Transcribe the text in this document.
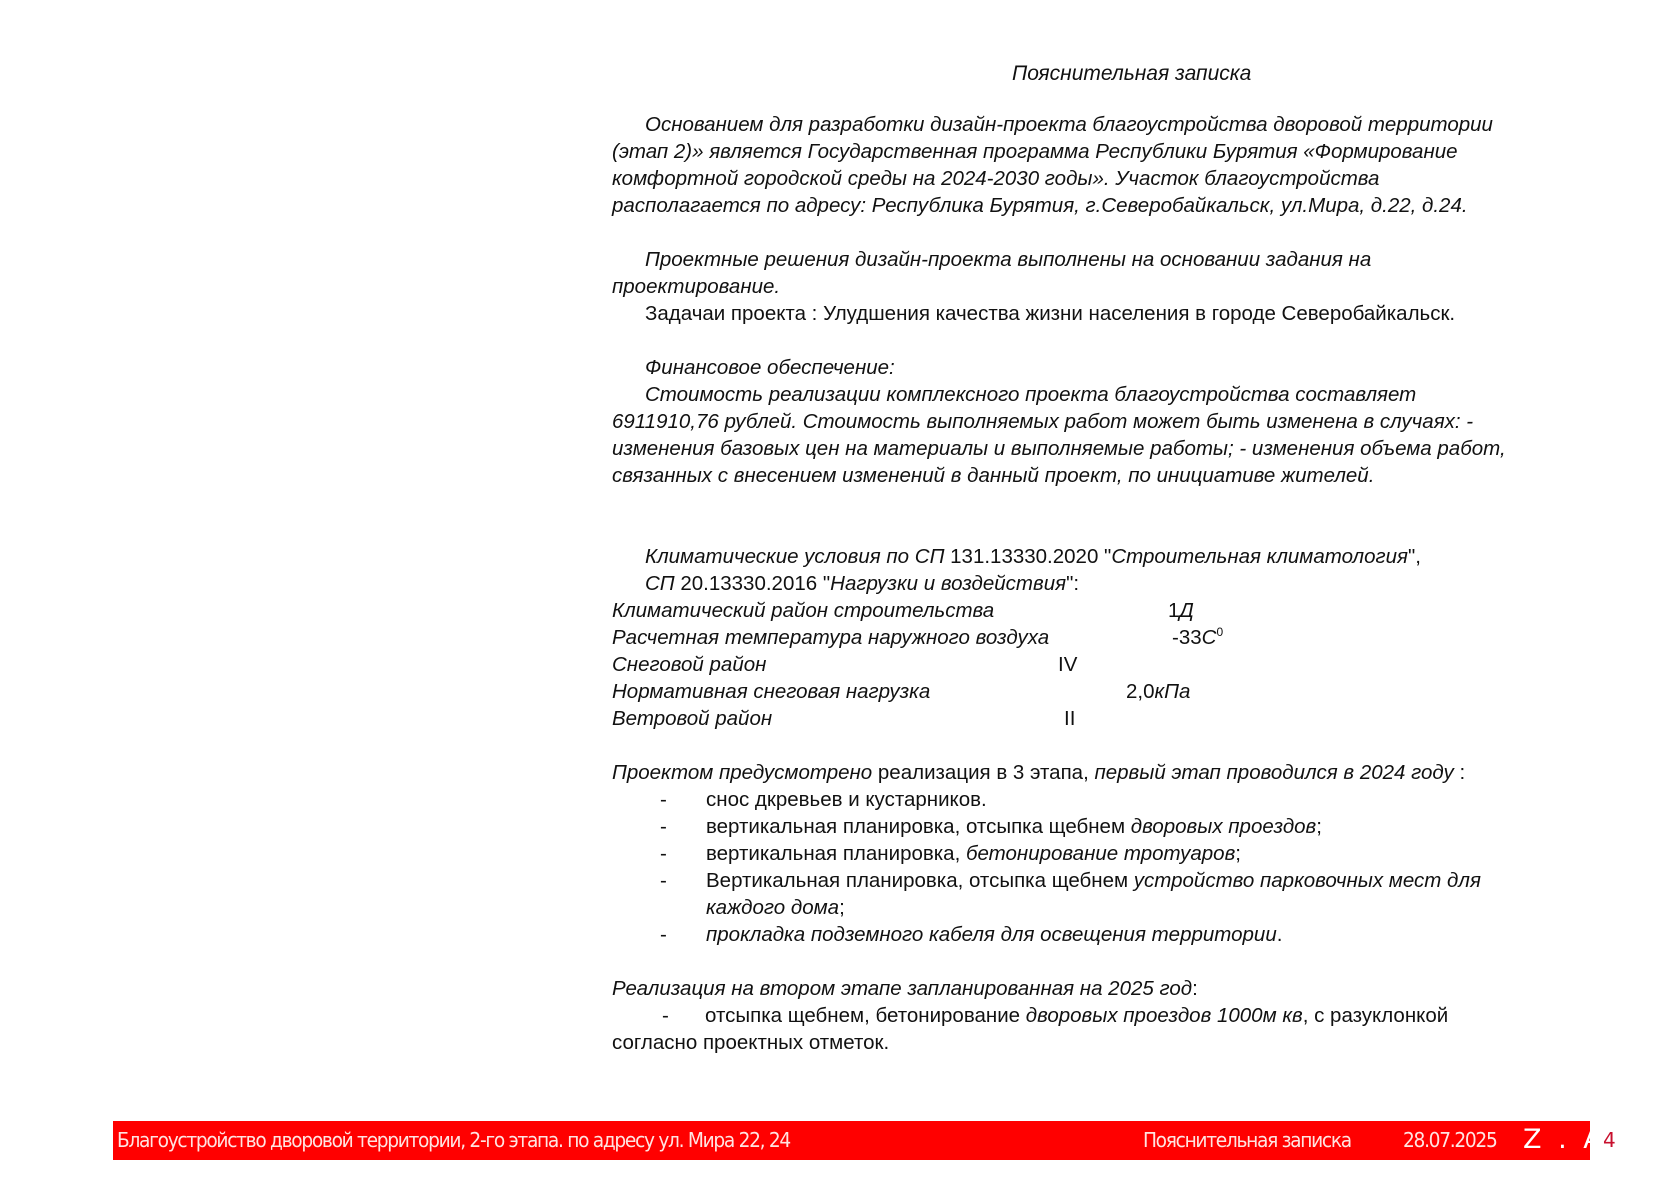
Пояснительная записка
Основанием для разработки дизайн-проекта благоустройства дворовой территории
(этап 2)» является Государственная программа Республики Бурятия «Формирование
комфортной городской среды на 2024-2030 годы». Участок благоустройства
располагается по адресу: Республика Бурятия, г.Северобайкальск, ул.Мира, д.22, д.24.
Проектные решения дизайн-проекта выполнены на основании задания на
проектирование.
Задачаи проекта : Улудшения качества жизни населения в городе Северобайкальск.
Финансовое обеспечение:
Стоимость реализации комплексного проекта благоустройства составляет
6911910,76 рублей. Стоимость выполняемых работ может быть изменена в случаях: -
изменения базовых цен на материалы и выполняемые работы; - изменения объема работ,
связанных с внесением изменений в данный проект, по инициативе жителей.
Климатические условия по СП 131.13330.2020 "Строительная климатология",
СП 20.13330.2016 "Нагрузки и воздействия":
Климатический район строительства	1Д
Расчетная температура наружного воздуха	$-33С^0$
Снеговой район	IV
Нормативная снеговая нагрузка	2,0кПа
Ветровой район	II
Проектом предусмотрено реализация в 3 этапа, первый этап проводился в 2024 году :
- снос дкревьев и кустарников.
- вертикальная планировка, отсыпка щебнем дворовых проездов;
- вертикальная планировка, бетонирование тротуаров;
- Вертикальная планировка, отсыпка щебнем устройство парковочных мест для
каждого дома;
- прокладка подземного кабеля для освещения территории.
Реализация на втором этапе запланированная на 2025 год:
- отсыпка щебнем, бетонирование дворовых проездов 1000м кв, с разуклонкой
согласно проектных отметок.
Благоустройство дворовой территории, 2-го этапа. по адресу ул. Мира 22, 24	Пояснительная записка	28.07.2025 Z . A
4
